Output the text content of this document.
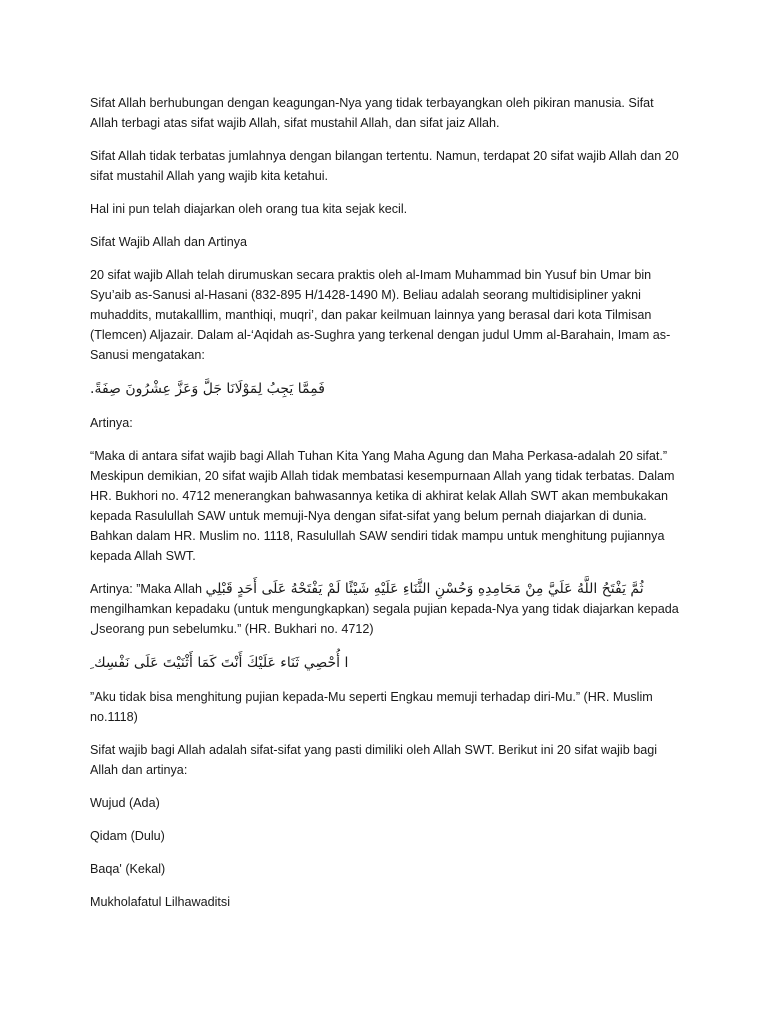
Sifat Allah berhubungan dengan keagungan-Nya yang tidak terbayangkan oleh pikiran manusia. Sifat Allah terbagi atas sifat wajib Allah, sifat mustahil Allah, dan sifat jaiz Allah.

Sifat Allah tidak terbatas jumlahnya dengan bilangan tertentu. Namun, terdapat 20 sifat wajib Allah dan 20 sifat mustahil Allah yang wajib kita ketahui.

Hal ini pun telah diajarkan oleh orang tua kita sejak kecil.

Sifat Wajib Allah dan Artinya

20 sifat wajib Allah telah dirumuskan secara praktis oleh al-Imam Muhammad bin Yusuf bin Umar bin Syu’aib as-Sanusi al-Hasani (832-895 H/1428-1490 M). Beliau adalah seorang multidisipliner yakni muhaddits, mutakalllim, manthiqi, muqri’, dan pakar keilmuan lainnya yang berasal dari kota Tilmisan (Tlemcen) Aljazair. Dalam al-‘Aqidah as-Sughra yang terkenal dengan judul Umm al-Barahain, Imam as-Sanusi mengatakan:

فَمِمَّا يَجِبُ لِمَوْلَانَا جَلَّ وَعَزَّ عِشْرُونَ صِفَةً.

Artinya:

“Maka di antara sifat wajib bagi Allah Tuhan Kita Yang Maha Agung dan Maha Perkasa-adalah 20 sifat.” Meskipun demikian, 20 sifat wajib Allah tidak membatasi kesempurnaan Allah yang tidak terbatas. Dalam HR. Bukhori no. 4712 menerangkan bahwasannya ketika di akhirat kelak Allah SWT akan membukakan kepada Rasulullah SAW untuk memuji-Nya dengan sifat-sifat yang belum pernah diajarkan di dunia. Bahkan dalam HR. Muslim no. 1118, Rasulullah SAW sendiri tidak mampu untuk menghitung pujiannya kepada Allah SWT.

ثُمَّ يَفْتَحُ اللَّهُ عَلَيَّ مِنْ مَحَامِدِهِ وَحُسْنِ الثَّنَاءِ عَلَيْهِ شَيْئًا لَمْ يَفْتَحْهُ عَلَى أَحَدٍ قَبْلِي Artinya: ”Maka Allah mengilhamkan kepadaku (untuk mengungkapkan) segala pujian kepada-Nya yang tidak diajarkan kepada seorang pun sebelumku.” (HR. Bukhari no. 4712)ل

ا أُحْصِي ثَنَاء عَلَيْكَ أَنْتَ كَمَا أَثْنَيْتَ عَلَى نَفْسِك ِ

”Aku tidak bisa menghitung pujian kepada-Mu seperti Engkau memuji terhadap diri-Mu.” (HR. Muslim no.1118)

Sifat wajib bagi Allah adalah sifat-sifat yang pasti dimiliki oleh Allah SWT. Berikut ini 20 sifat wajib bagi Allah dan artinya:

Wujud (Ada)

Qidam (Dulu)

Baqa' (Kekal)

Mukholafatul Lilhawaditsi
